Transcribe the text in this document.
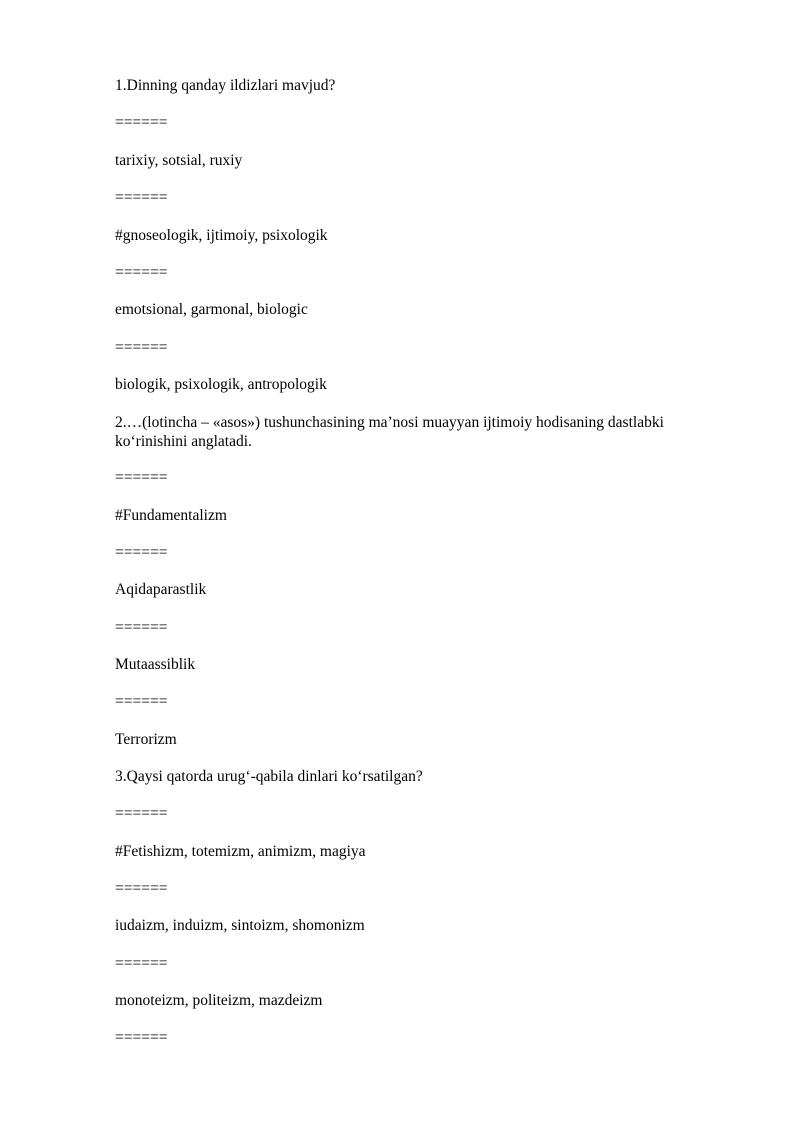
1.Dinning qanday ildizlari mavjud?
======
tarixiy, sotsial, ruxiy
======
#gnoseologik, ijtimoiy, psixologik
======
emotsional, garmonal, biologic
======
biologik, psixologik, antropologik
2.…(lotincha – «asos») tushunchasining ma’nosi muayyan ijtimoiy hodisaning dastlabki ko‘rinishini anglatadi.
======
#Fundamentalizm
======
Aqidaparastlik
======
Mutaassiblik
======
Terrorizm
3.Qaysi qatorda urug‘-qabila dinlari ko‘rsatilgan?
======
#Fetishizm, totemizm, animizm, magiya
======
iudaizm, induizm, sintoizm, shomonizm
======
monoteizm, politeizm, mazdeizm
======
